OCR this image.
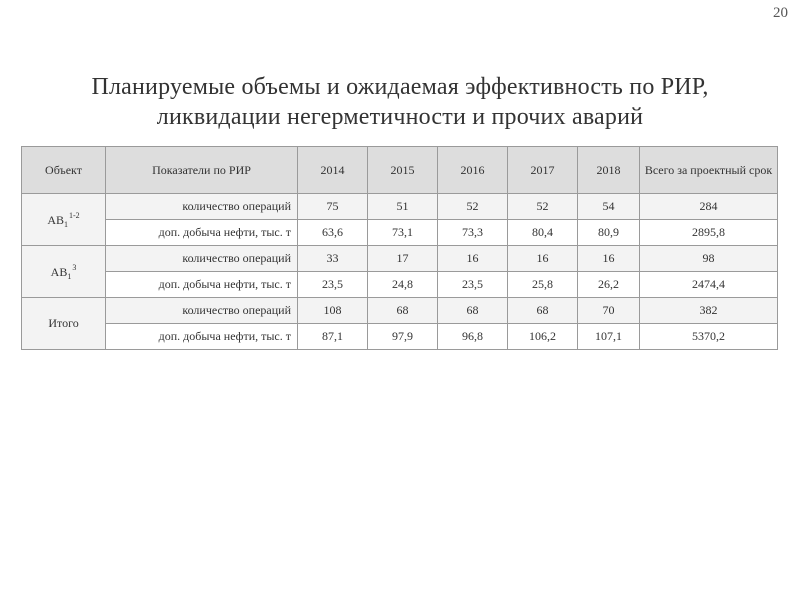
20
Планируемые объемы и ожидаемая эффективность по РИР,
ликвидации негерметичности и прочих аварий
Объект	Показатели по РИР	2014	2015	2016	2017	2018	Всего за проектный срок
$АВ_1^{1-2}$	количество операций	75	51	52	52	54	284
	доп. добыча нефти, тыс. т	63,6	73,1	73,3	80,4	80,9	2895,8
$АВ_1^3$	количество операций	33	17	16	16	16	98
	доп. добыча нефти, тыс. т	23,5	24,8	23,5	25,8	26,2	2474,4
Итого	количество операций	108	68	68	68	70	382
	доп. добыча нефти, тыс. т	87,1	97,9	96,8	106,2	107,1	5370,2
